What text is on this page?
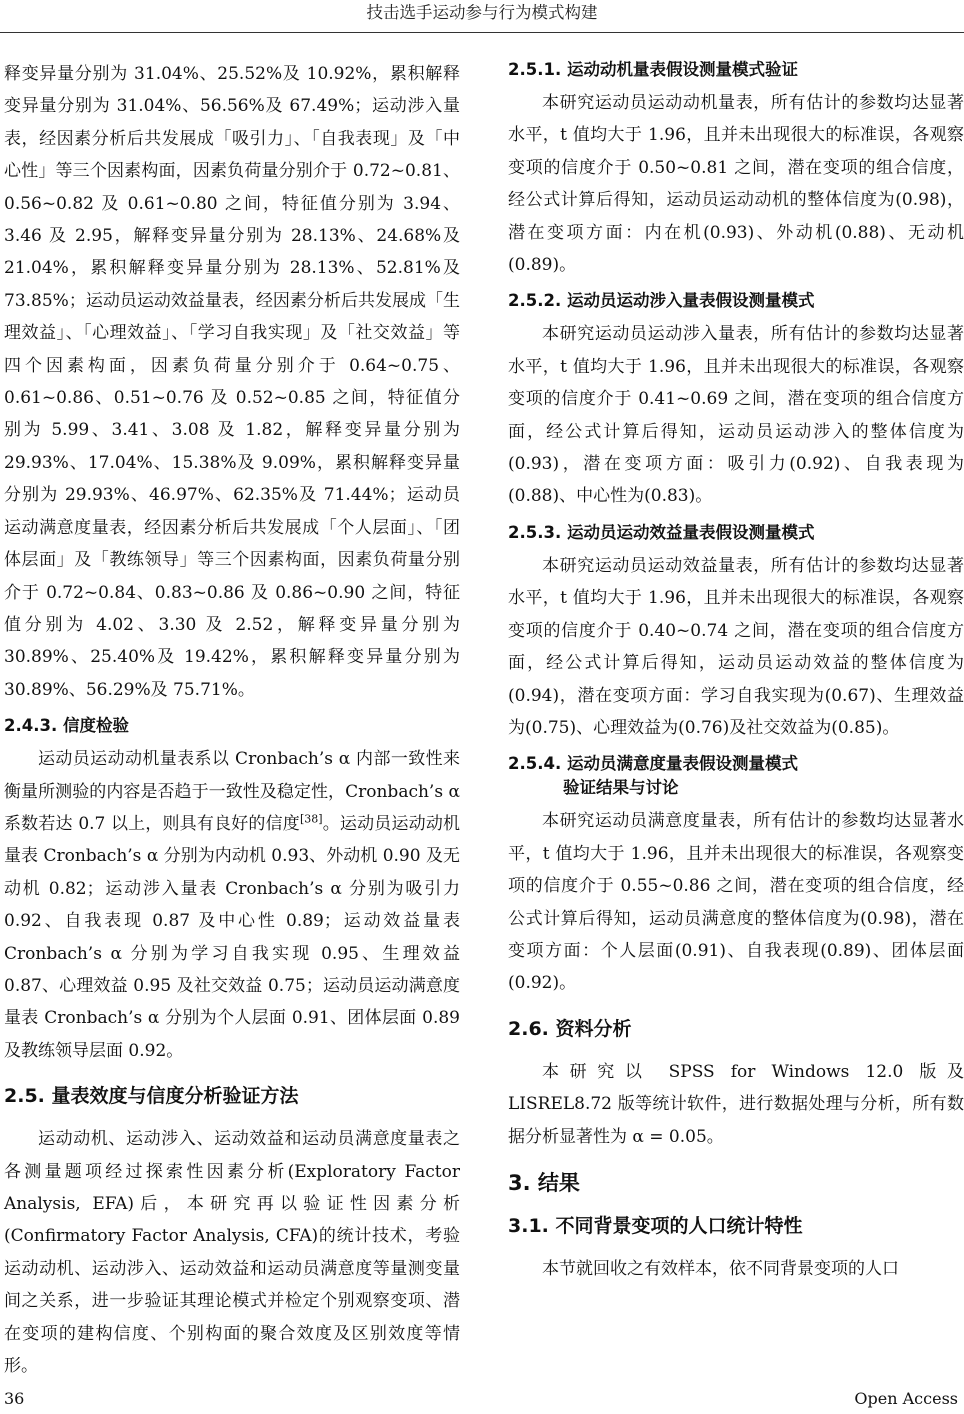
技击选手运动参与行为模式构建

释变异量分别为 31.04%、25.52%及 10.92%，累积解释变异量分别为 31.04%、56.56%及 67.49%；运动涉入量表，经因素分析后共发展成「吸引力」、「自我表现」及「中心性」等三个因素构面，因素负荷量分别介于 0.72~0.81、0.56~0.82 及 0.61~0.80 之间，特征值分别为 3.94、3.46 及 2.95，解释变异量分别为 28.13%、24.68%及 21.04%，累积解释变异量分别为 28.13%、52.81%及 73.85%；运动员运动效益量表，经因素分析后共发展成「生理效益」、「心理效益」、「学习自我实现」及「社交效益」等四个因素构面，因素负荷量分别介于 0.64~0.75、0.61~0.86、0.51~0.76 及 0.52~0.85 之间，特征值分别为 5.99、3.41、3.08 及 1.82，解释变异量分别为 29.93%、17.04%、15.38%及 9.09%，累积解释变异量分别为 29.93%、46.97%、62.35%及 71.44%；运动员运动满意度量表，经因素分析后共发展成「个人层面」、「团体层面」及「教练领导」等三个因素构面，因素负荷量分别介于 0.72~0.84、0.83~0.86 及 0.86~0.90 之间，特征值分别为 4.02、3.30 及 2.52，解释变异量分别为 30.89%、25.40%及 19.42%，累积解释变异量分别为 30.89%、56.29%及 75.71%。

2.4.3. 信度检验

运动员运动动机量表系以 Cronbach’s α 内部一致性来衡量所测验的内容是否趋于一致性及稳定性，Cronbach’s α 系数若达 0.7 以上，则具有良好的信度[38]。运动员运动动机量表 Cronbach’s α 分别为内动机 0.93、外动机 0.90 及无动机 0.82；运动涉入量表 Cronbach’s α 分别为吸引力 0.92、自我表现 0.87 及中心性 0.89；运动效益量表 Cronbach’s α 分别为学习自我实现 0.95、生理效益 0.87、心理效益 0.95 及社交效益 0.75；运动员运动满意度量表 Cronbach’s α 分别为个人层面 0.91、团体层面 0.89 及教练领导层面 0.92。

2.5. 量表效度与信度分析验证方法

运动动机、运动涉入、运动效益和运动员满意度量表之各测量题项经过探索性因素分析(Exploratory Factor Analysis, EFA)后，本研究再以验证性因素分析(Confirmatory Factor Analysis, CFA)的统计技术，考验运动动机、运动涉入、运动效益和运动员满意度等量测变量间之关系，进一步验证其理论模式并检定个别观察变项、潜在变项的建构信度、个别构面的聚合效度及区别效度等情形。

2.5.1. 运动动机量表假设测量模式验证

本研究运动员运动动机量表，所有估计的参数均达显著水平，t 值均大于 1.96，且并未出现很大的标准误，各观察变项的信度介于 0.50~0.81 之间，潜在变项的组合信度，经公式计算后得知，运动员运动动机的整体信度为(0.98)，潜在变项方面：内在机(0.93)、外动机(0.88)、无动机(0.89)。

2.5.2. 运动员运动涉入量表假设测量模式

本研究运动员运动涉入量表，所有估计的参数均达显著水平，t 值均大于 1.96，且并未出现很大的标准误，各观察变项的信度介于 0.41~0.69 之间，潜在变项的组合信度方面，经公式计算后得知，运动员运动涉入的整体信度为(0.93)，潜在变项方面：吸引力(0.92)、自我表现为(0.88)、中心性为(0.83)。

2.5.3. 运动员运动效益量表假设测量模式

本研究运动员运动效益量表，所有估计的参数均达显著水平，t 值均大于 1.96，且并未出现很大的标准误，各观察变项的信度介于 0.40~0.74 之间，潜在变项的组合信度方面，经公式计算后得知，运动员运动效益的整体信度为(0.94)，潜在变项方面：学习自我实现为(0.67)、生理效益为(0.75)、心理效益为(0.76)及社交效益为(0.85)。

2.5.4. 运动员满意度量表假设测量模式
验证结果与讨论

本研究运动员满意度量表，所有估计的参数均达显著水平，t 值均大于 1.96，且并未出现很大的标准误，各观察变项的信度介于 0.55~0.86 之间，潜在变项的组合信度，经公式计算后得知，运动员满意度的整体信度为(0.98)，潜在变项方面：个人层面(0.91)、自我表现(0.89)、团体层面(0.92)。

2.6. 资料分析

本研究以 SPSS for Windows 12.0 版及 LISREL8.72 版等统计软件，进行数据处理与分析，所有数据分析显著性为 α = 0.05。

3. 结果
3.1. 不同背景变项的人口统计特性

本节就回收之有效样本，依不同背景变项的人口

36	Open Access
